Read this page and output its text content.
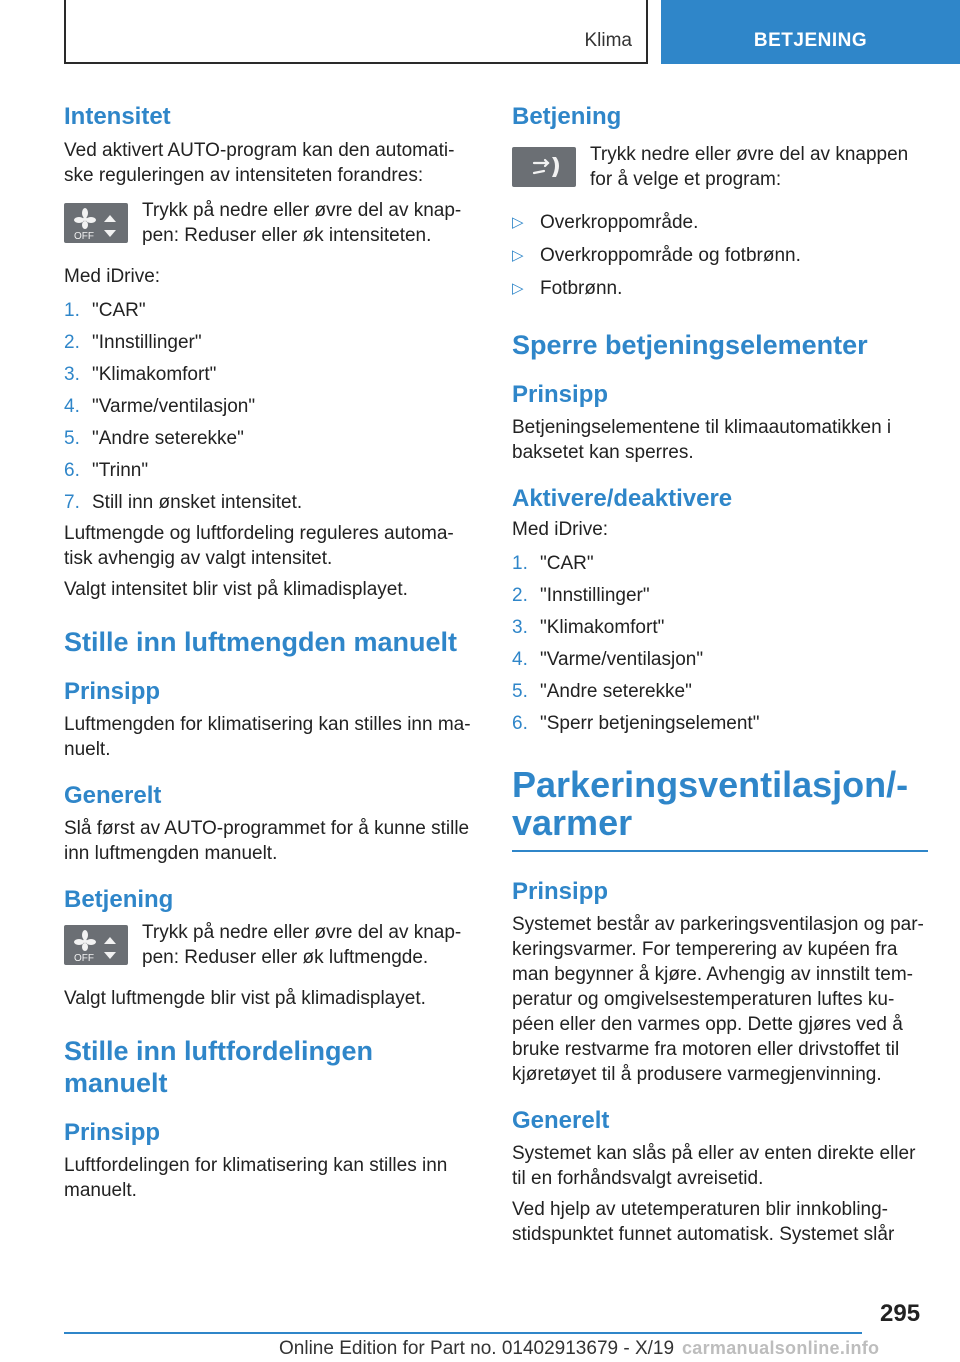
Klima	BETJENING
Intensitet

Ved aktivert AUTO-program kan den automati- ske reguleringen av intensiteten forandres:

OFF

Trykk på nedre eller øvre del av knap- pen: Reduser eller øk intensiteten.

Med iDrive:

1. "CAR"
2. "Innstillinger"
3. "Klimakomfort"
4. "Varme/ventilasjon"
5. "Andre seterekke"
6. "Trinn"
7. Still inn ønsket intensitet.

Luftmengde og luftfordeling reguleres automa- tisk avhengig av valgt intensitet.

Valgt intensitet blir vist på klimadisplayet.

Stille inn luftmengden manuelt
Prinsipp

Luftmengden for klimatisering kan stilles inn ma- nuelt.

Generelt

Slå først av AUTO-programmet for å kunne stille inn luftmengden manuelt.

Betjening
OFF

Trykk på nedre eller øvre del av knap- pen: Reduser eller øk luftmengde.

Valgt luftmengde blir vist på klimadisplayet.

Stille inn luftfordelingen manuelt
Prinsipp

Luftfordelingen for klimatisering kan stilles inn manuelt.

Betjening

Trykk nedre eller øvre del av knappen for å velge et program:

▷ Overkroppområde.
▷ Overkroppområde og fotbrønn.
▷ Fotbrønn.
Sperre betjeningselementer
Prinsipp

Betjeningselementene til klimaautomatikken i baksetet kan sperres.

Aktivere/deaktivere

Med iDrive:

1. "CAR"
2. "Innstillinger"
3. "Klimakomfort"
4. "Varme/ventilasjon"
5. "Andre seterekke"
6. "Sperr betjeningselement"
Parkeringsventilasjon/-
varmer
Prinsipp

Systemet består av parkeringsventilasjon og par- keringsvarmer. For temperering av kupéen fra man begynner å kjøre. Avhengig av innstilt tem- peratur og omgivelsestemperaturen luftes ku- péen eller den varmes opp. Dette gjøres ved å bruke restvarme fra motoren eller drivstoffet til kjøretøyet til å produsere varmegjenvinning.

Generelt

Systemet kan slås på eller av enten direkte eller til en forhåndsvalgt avreisetid.

Ved hjelp av utetemperaturen blir innkobling- stidspunktet funnet automatisk. Systemet slår

295
Online Edition for Part no. 01402913679 - X/19 carmanualsonline.info
